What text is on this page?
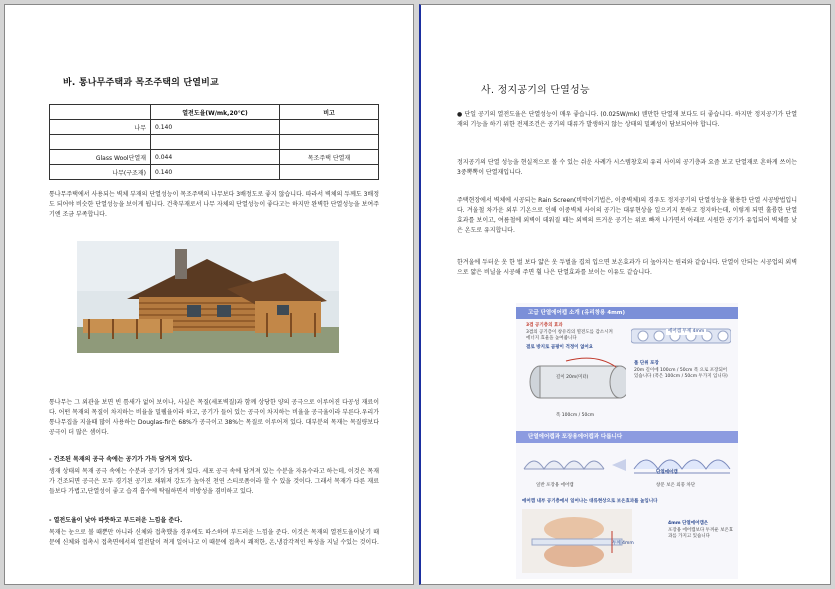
바. 통나무주택과 목조주택의 단열비교
	열전도율(W/mk,20℃)	비고
나무	0.140	

Glass Wool단열재	0.044	목조주택 단열재
나무(구조재)	0.140	
통나무주택에서 사용되는 벽체 부재의 단열성능이 목조주택의 나무보다 3배정도로 좋지 않습니다. 따라서 벽체의 두께도 3배정도 되어야 비슷한 단열성능을 보이게 됩니다. 건축부재로서 나무 자체의 단열성능이 좋다고는 하지만 완벽한 단열성능을 보여주기엔 조금 부족합니다.
통나무는 그 외관을 보면 빈 틈새가 없어 보이나, 사실은 목질(세포벽질)과 함께 상당한 양의 공극으로 이루어진 다공성 재료이다. 어떤 목재의 목질이 차지하는 비율을 밀웰율이라 하고, 공기가 들어 있는 공극이 차지하는 비율을 공극율이라 부른다.우리가 통나무집을 지을때 많이 사용하는 Douglas-fir은 68%가 공극이고 38%는 목질로 이루어져 있다. 대부분의 목재는 목질량보다 공극이 더 많은 셈이다.
- 건조된 목재의 공극 속에는 공기가 가득 담겨져 있다.
생재 상태의 목재 공극 속에는 수분과 공기가 담겨져 있다. 세포 공극 속에 담겨져 있는 수분을 자유수라고 하는데, 이것은 목재가 건조되면 공극은 모두 경기된 공기로 채워져 강도가 높아진 천연 스티로폼이라 할 수 있을 것이다. 그래서 목재가 다른 재료들보다 가볍고,단열성이 좋고 습격 흡수에 탁월하면서 비방성을 겸비하고 있다.
- 열전도율이 낮아 따뜻하고 부드러운 느낌을 준다.
목재는 눈으로 볼 때뿐만 아니라 신체와 접촉했을 경우에도 따스하며 부드러운 느낌을 준다. 이것은 목재의 열전도율이낮기 때문에 신체와 접촉시 접촉면에서의 열전달이 적게 일어나고 이 때문에 접촉시 쾌적한, 온,냉감각적인 특성을 지닐 수있는 것이다.
사. 정지공기의 단열성능
● 단일 공기의 열전도율은 단열성능이 매우 좋습니다. (0.025W/mk) 웬만한 단열재 보다도 더 좋습니다. 하지만 정지공기가 단열재의 기능을 하기 위한 전제조건은 공기의 대류가 발생하지 않는 상태의 밀폐성이 담보되어야 합니다.
정지공기의 단열 성능을 현실적으로 볼 수 있는 쉬운 사례가 시스템창호의 유리 사이의 공기층과 요즘 보고 단열재로 흔하게 쓰이는 3중뽁뽁이 단열재입니다.
주택현장에서 벽체에 시공되는 Rain Screen(비막이기법은, 이중벽체)의 경우도 정지공기의 단열성능을 활용한 단열 시공방법입니다. 겨울철 차가운 외부 기온으로 인해 이중벽체 사이의 공기는 대류현상을 일으키지 못하고 정지하는데, 이렇게 되면 훌륭한 단열효과를 보이고, 여름철에 외벽이 데워질 때는 외벽의 뜨거운 공기는 위로 빠져 나가면서 아래로 시원한 공기가 유입되어 벽체를 낮은 온도로 유지합니다.
한겨울에 두터운 옷 한 벌 보다 얇은 옷 두벌을 겹쳐 입으면 보온효과가 더 높아지는 원리와 같습니다. 단열이 안되는 시공업의 외벽으로 얇은 비닐을 시공해 주면 훨 나은 단열효과를 보이는 이유도 같습니다.
고급 단열에어캡 소개 (유리창용 4mm)
3겹 공기층의 효과
3겹의 공기층이 창유리의 열전도를 감소시켜 에너지 효율을 높여줍니다
결로 방지로 곰팡이 걱정이 없어요
에어캡 두께 4mm
길이 20m(미터)
폭 100cm / 50cm
롤 단위 포장
20m 길이에 100cm / 50cm 폭 으로 포장되어 있습니다 (폭은 100cm / 50cm 두가지 입니다)
단열에어캡과 포장용에어캡과 다릅니다
일반 포장용 에어캡
단열에어캡
창문 보온 외풍 차단
에어캡 내부 공기층에서 일어나는 대류현상으로 보온효과를 높입니다
두께 4mm
4mm 단열에어캡은
포장용 에어캡보다 두꺼운 보온효과를 가지고 있습니다
